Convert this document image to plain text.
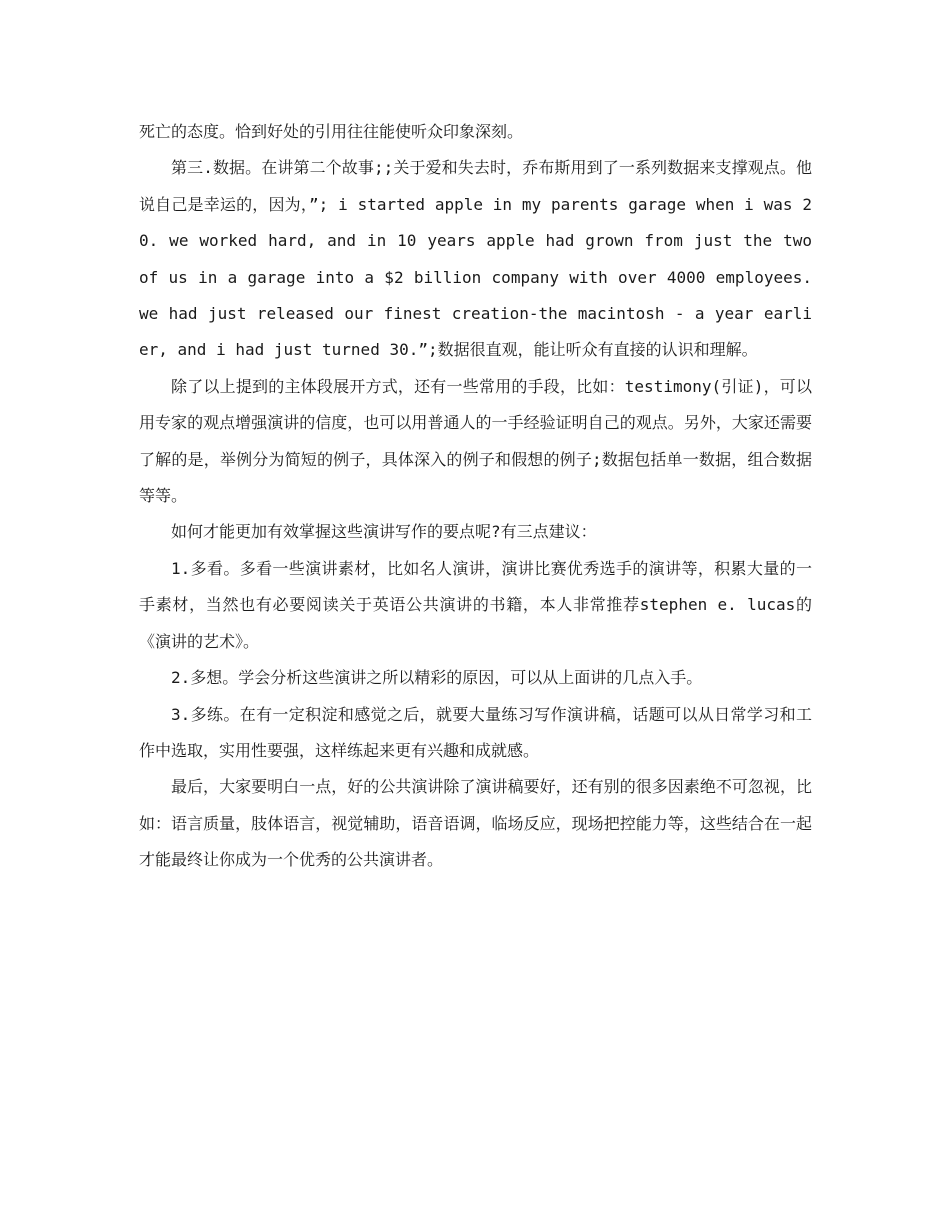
死亡的态度。恰到好处的引用往往能使听众印象深刻。

第三.数据。在讲第二个故事;;关于爱和失去时，乔布斯用到了一系列数据来支撑观点。他说自己是幸运的，因为，”; i started apple in my parents garage when i was 20. we worked hard, and in 10 years apple had grown from just the two of us in a garage into a $2 billion company with over 4000 employees. we had just released our finest creation-the macintosh - a year earlier, and i had just turned 30.”;数据很直观，能让听众有直接的认识和理解。

除了以上提到的主体段展开方式，还有一些常用的手段，比如：testimony(引证)，可以用专家的观点增强演讲的信度，也可以用普通人的一手经验证明自己的观点。另外，大家还需要了解的是，举例分为简短的例子，具体深入的例子和假想的例子;数据包括单一数据，组合数据等等。

如何才能更加有效掌握这些演讲写作的要点呢?有三点建议：

1.多看。多看一些演讲素材，比如名人演讲，演讲比赛优秀选手的演讲等，积累大量的一手素材，当然也有必要阅读关于英语公共演讲的书籍，本人非常推荐stephen e. lucas的《演讲的艺术》。

2.多想。学会分析这些演讲之所以精彩的原因，可以从上面讲的几点入手。

3.多练。在有一定积淀和感觉之后，就要大量练习写作演讲稿，话题可以从日常学习和工作中选取，实用性要强，这样练起来更有兴趣和成就感。

最后，大家要明白一点，好的公共演讲除了演讲稿要好，还有别的很多因素绝不可忽视，比如：语言质量，肢体语言，视觉辅助，语音语调，临场反应，现场把控能力等，这些结合在一起才能最终让你成为一个优秀的公共演讲者。
